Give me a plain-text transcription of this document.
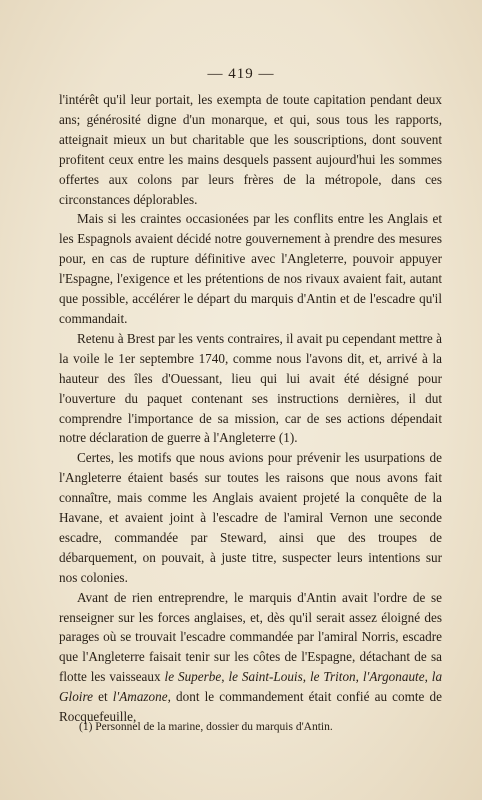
— 419 —

l'intérêt qu'il leur portait, les exempta de toute capitation pendant deux ans; générosité digne d'un monarque, et qui, sous tous les rapports, atteignait mieux un but charitable que les souscriptions, dont souvent profitent ceux entre les mains desquels passent aujourd'hui les sommes offertes aux colons par leurs frères de la métropole, dans ces circonstances déplorables.

Mais si les craintes occasionées par les conflits entre les Anglais et les Espagnols avaient décidé notre gouvernement à prendre des mesures pour, en cas de rupture définitive avec l'Angleterre, pouvoir appuyer l'Espagne, l'exigence et les prétentions de nos rivaux avaient fait, autant que possible, accélérer le départ du marquis d'Antin et de l'escadre qu'il commandait.

Retenu à Brest par les vents contraires, il avait pu cependant mettre à la voile le 1er septembre 1740, comme nous l'avons dit, et, arrivé à la hauteur des îles d'Ouessant, lieu qui lui avait été désigné pour l'ouverture du paquet contenant ses instructions dernières, il dut comprendre l'importance de sa mission, car de ses actions dépendait notre déclaration de guerre à l'Angleterre (1).

Certes, les motifs que nous avions pour prévenir les usurpations de l'Angleterre étaient basés sur toutes les raisons que nous avons fait connaître, mais comme les Anglais avaient projeté la conquête de la Havane, et avaient joint à l'escadre de l'amiral Vernon une seconde escadre, commandée par Steward, ainsi que des troupes de débarquement, on pouvait, à juste titre, suspecter leurs intentions sur nos colonies.

Avant de rien entreprendre, le marquis d'Antin avait l'ordre de se renseigner sur les forces anglaises, et, dès qu'il serait assez éloigné des parages où se trouvait l'escadre commandée par l'amiral Norris, escadre que l'Angleterre faisait tenir sur les côtes de l'Espagne, détachant de sa flotte les vaisseaux le Superbe, le Saint-Louis, le Triton, l'Argonaute, la Gloire et l'Amazone, dont le commandement était confié au comte de Rocquefeuille,

(1) Personnel de la marine, dossier du marquis d'Antin.
